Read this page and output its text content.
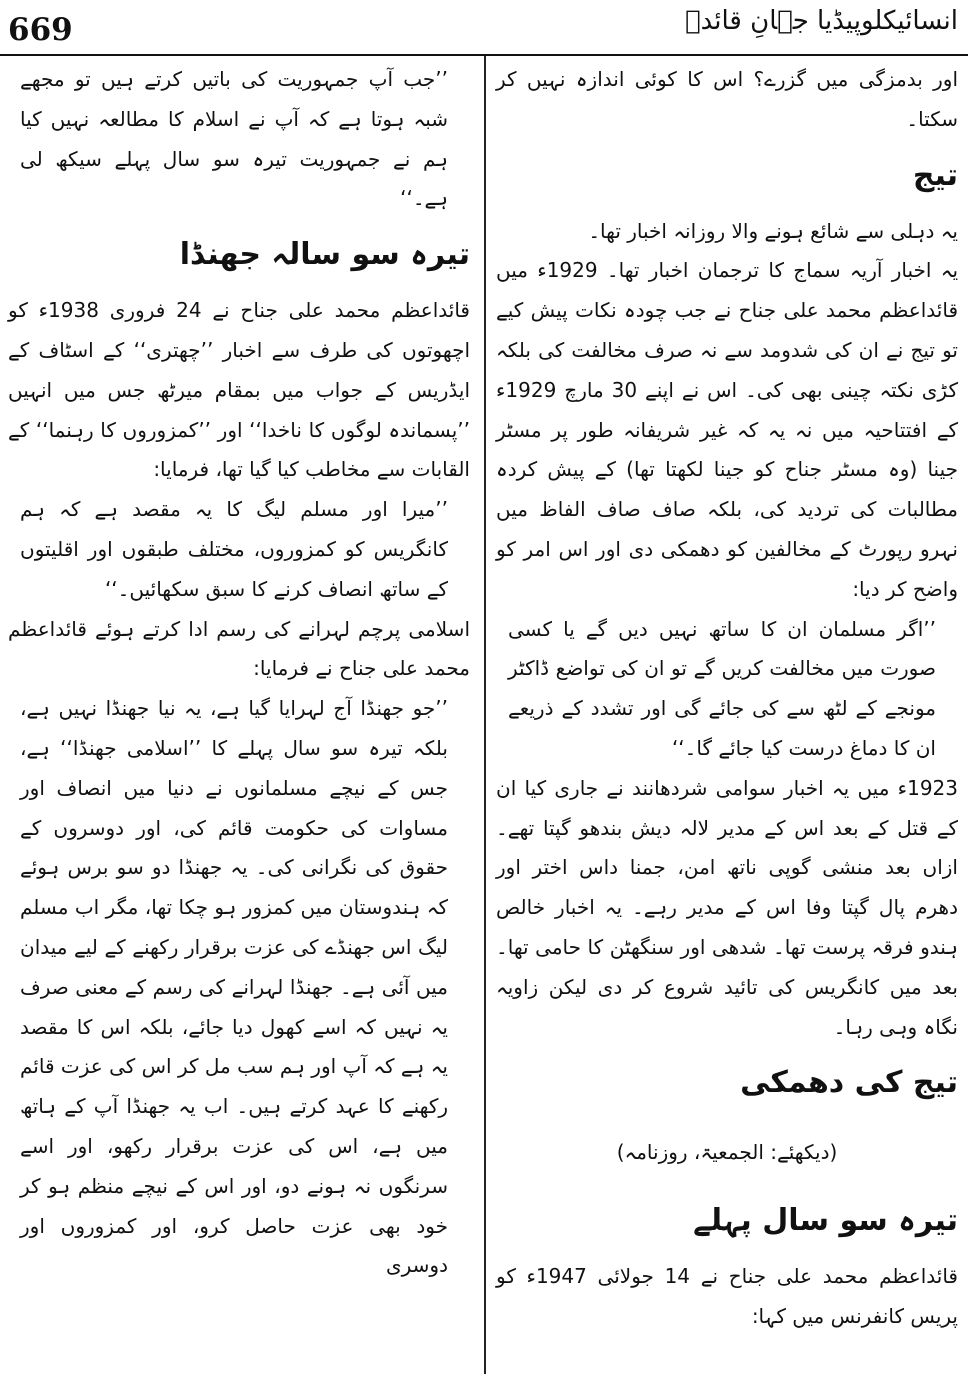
669	انسائیکلوپیڈیا جہانِ قائدؒ

اور بدمزگی میں گزرے؟ اس کا کوئی اندازہ نہیں کر سکتا۔

تیج

یہ دہلی سے شائع ہونے والا روزانہ اخبار تھا۔

یہ اخبار آریہ سماج کا ترجمان اخبار تھا۔ 1929ء میں قائداعظم محمد علی جناح نے جب چودہ نکات پیش کیے تو تیج نے ان کی شدومد سے نہ صرف مخالفت کی بلکہ کڑی نکتہ چینی بھی کی۔ اس نے اپنے 30 مارچ 1929ء کے افتتاحیہ میں نہ یہ کہ غیر شریفانہ طور پر مسٹر جینا (وہ مسٹر جناح کو جینا لکھتا تھا) کے پیش کردہ مطالبات کی تردید کی، بلکہ صاف صاف الفاظ میں نہرو رپورٹ کے مخالفین کو دھمکی دی اور اس امر کو واضح کر دیا:

’’اگر مسلمان ان کا ساتھ نہیں دیں گے یا کسی صورت میں مخالفت کریں گے تو ان کی تواضع ڈاکٹر مونجے کے لٹھ سے کی جائے گی اور تشدد کے ذریعے ان کا دماغ درست کیا جائے گا۔‘‘

1923ء میں یہ اخبار سوامی شردھانند نے جاری کیا ان کے قتل کے بعد اس کے مدیر لالہ دیش بندھو گپتا تھے۔ ازاں بعد منشی گوپی ناتھ امن، جمنا داس اختر اور دھرم پال گپتا وفا اس کے مدیر رہے۔ یہ اخبار خالص ہندو فرقہ پرست تھا۔ شدھی اور سنگھٹن کا حامی تھا۔ بعد میں کانگریس کی تائید شروع کر دی لیکن زاویہ نگاہ وہی رہا۔

تیج کی دھمکی

(دیکھئے: الجمعیۃ، روزنامہ)

تیرہ سو سال پہلے

قائداعظم محمد علی جناح نے 14 جولائی 1947ء کو پریس کانفرنس میں کہا:

’’جب آپ جمہوریت کی باتیں کرتے ہیں تو مجھے شبہ ہوتا ہے کہ آپ نے اسلام کا مطالعہ نہیں کیا ہم نے جمہوریت تیرہ سو سال پہلے سیکھ لی ہے۔‘‘

تیرہ سو سالہ جھنڈا

قائداعظم محمد علی جناح نے 24 فروری 1938ء کو اچھوتوں کی طرف سے اخبار ’’چھتری‘‘ کے اسٹاف کے ایڈریس کے جواب میں بمقام میرٹھ جس میں انہیں ’’پسماندہ لوگوں کا ناخدا‘‘ اور ’’کمزوروں کا رہنما‘‘ کے القابات سے مخاطب کیا گیا تھا، فرمایا:

’’میرا اور مسلم لیگ کا یہ مقصد ہے کہ ہم کانگریس کو کمزوروں، مختلف طبقوں اور اقلیتوں کے ساتھ انصاف کرنے کا سبق سکھائیں۔‘‘

اسلامی پرچم لہرانے کی رسم ادا کرتے ہوئے قائداعظم محمد علی جناح نے فرمایا:

’’جو جھنڈا آج لہرایا گیا ہے، یہ نیا جھنڈا نہیں ہے، بلکہ تیرہ سو سال پہلے کا ’’اسلامی جھنڈا‘‘ ہے، جس کے نیچے مسلمانوں نے دنیا میں انصاف اور مساوات کی حکومت قائم کی، اور دوسروں کے حقوق کی نگرانی کی۔ یہ جھنڈا دو سو برس ہوئے کہ ہندوستان میں کمزور ہو چکا تھا، مگر اب مسلم لیگ اس جھنڈے کی عزت برقرار رکھنے کے لیے میدان میں آئی ہے۔ جھنڈا لہرانے کی رسم کے معنی صرف یہ نہیں کہ اسے کھول دیا جائے، بلکہ اس کا مقصد یہ ہے کہ آپ اور ہم سب مل کر اس کی عزت قائم رکھنے کا عہد کرتے ہیں۔ اب یہ جھنڈا آپ کے ہاتھ میں ہے، اس کی عزت برقرار رکھو، اور اسے سرنگوں نہ ہونے دو، اور اس کے نیچے منظم ہو کر خود بھی عزت حاصل کرو، اور کمزوروں اور دوسری
